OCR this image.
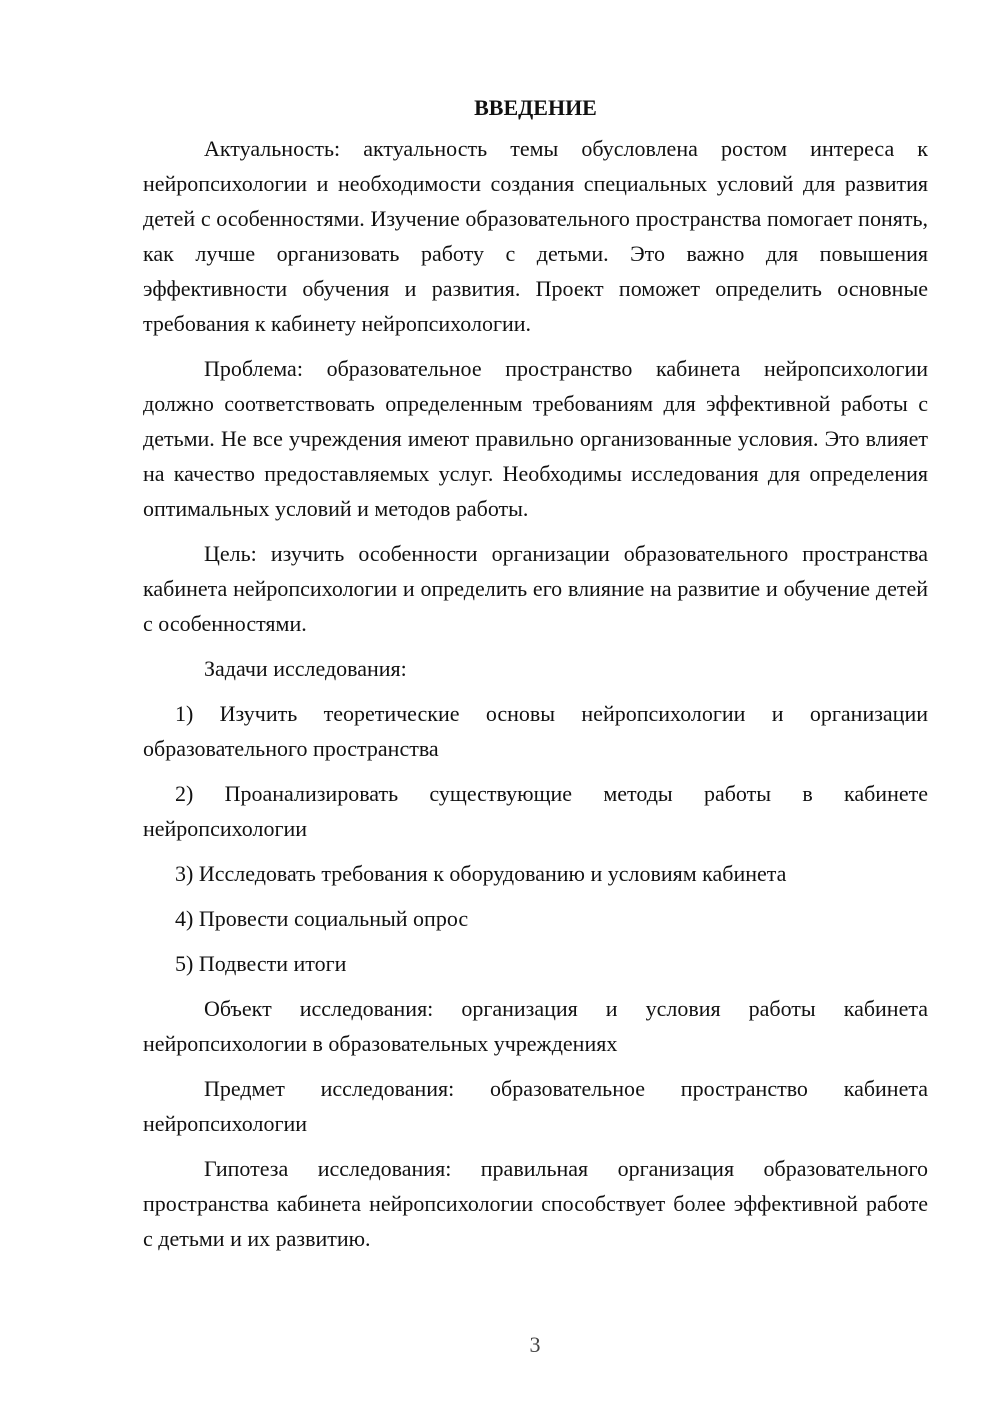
ВВЕДЕНИЕ

Актуальность: актуальность темы обусловлена ростом интереса к нейропсихологии и необходимости создания специальных условий для развития детей с особенностями. Изучение образовательного пространства помогает понять, как лучше организовать работу с детьми. Это важно для повышения эффективности обучения и развития. Проект поможет определить основные требования к кабинету нейропсихологии.

Проблема: образовательное пространство кабинета нейропсихологии должно соответствовать определенным требованиям для эффективной работы с детьми. Не все учреждения имеют правильно организованные условия. Это влияет на качество предоставляемых услуг. Необходимы исследования для определения оптимальных условий и методов работы.

Цель: изучить особенности организации образовательного пространства кабинета нейропсихологии и определить его влияние на развитие и обучение детей с особенностями.

Задачи исследования:

1) Изучить теоретические основы нейропсихологии и организации образовательного пространства

2) Проанализировать существующие методы работы в кабинете нейропсихологии

3) Исследовать требования к оборудованию и условиям кабинета

4) Провести социальный опрос

5) Подвести итоги

Объект исследования: организация и условия работы кабинета нейропсихологии в образовательных учреждениях

Предмет исследования: образовательное пространство кабинета нейропсихологии

Гипотеза исследования: правильная организация образовательного пространства кабинета нейропсихологии способствует более эффективной работе с детьми и их развитию.

3
